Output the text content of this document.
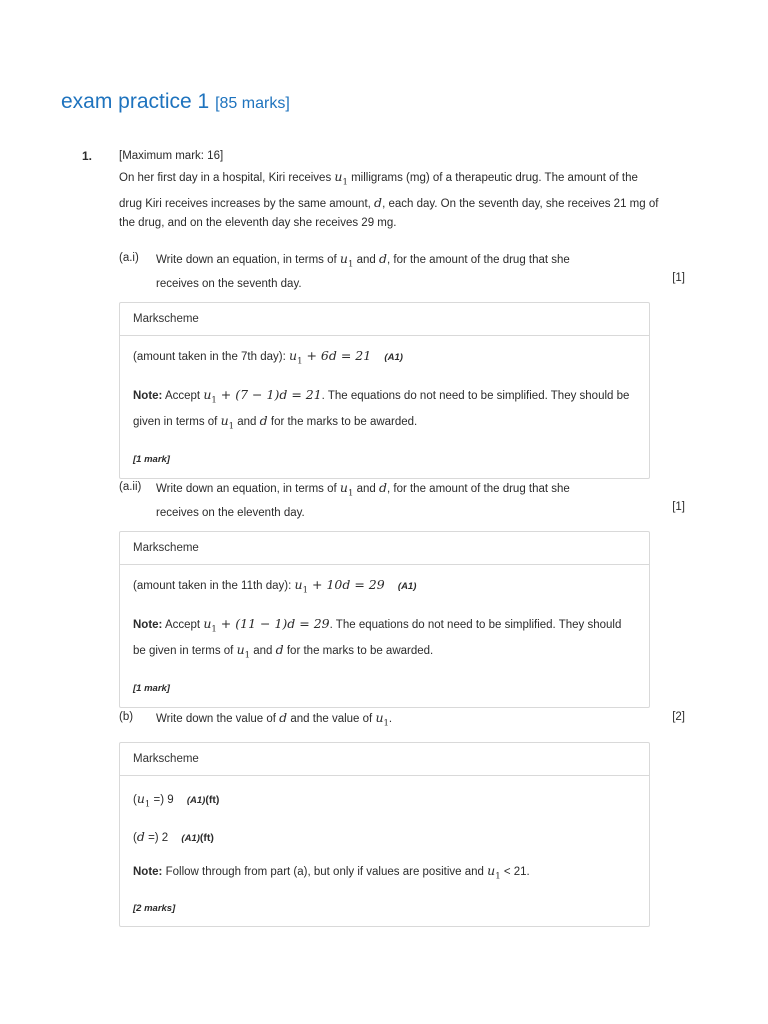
exam practice 1 [85 marks]
1. [Maximum mark: 16]
On her first day in a hospital, Kiri receives $u_1$ milligrams (mg) of a therapeutic drug. The amount of the drug Kiri receives increases by the same amount, d, each day. On the seventh day, she receives 21 mg of the drug, and on the eleventh day she receives 29 mg.
(a.i) Write down an equation, in terms of $u_1$ and d, for the amount of the drug that she receives on the seventh day.
[1]
Markscheme

(amount taken in the 7th day): $u_1 + 6d = 21$ (A1)

Note: Accept $u_1 + (7 - 1)d = 21$. The equations do not need to be simplified. They should be given in terms of $u_1$ and d for the marks to be awarded.

[1 mark]

(a.ii) Write down an equation, in terms of $u_1$ and d, for the amount of the drug that she receives on the eleventh day.
[1]
Markscheme

(amount taken in the 11th day): $u_1 + 10d = 29$ (A1)

Note: Accept $u_1 + (11 - 1)d = 29$. The equations do not need to be simplified. They should be given in terms of $u_1$ and d for the marks to be awarded.

[1 mark]

(b) Write down the value of d and the value of $u_1$.	[2]
Markscheme

($u_1$ =) 9 (A1)(ft)

(d =) 2 (A1)(ft)

Note: Follow through from part (a), but only if values are positive and $u_1 < 21$.

[2 marks]
